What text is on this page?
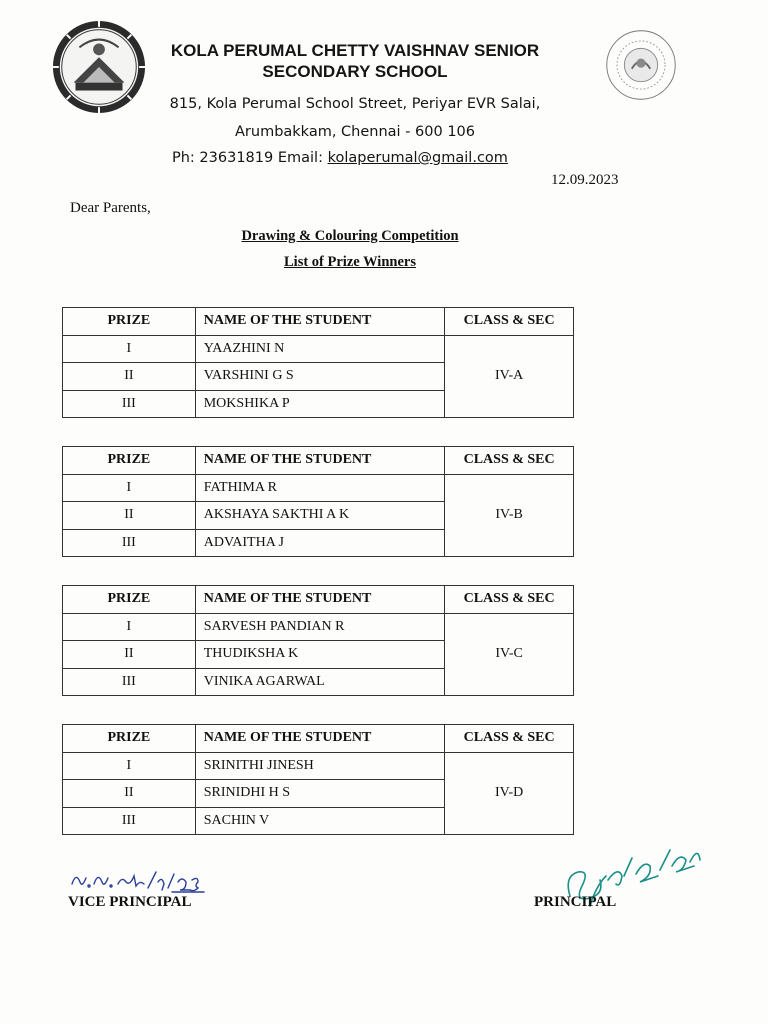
KOLA PERUMAL CHETTY VAISHNAV SENIOR
SECONDARY SCHOOL
815, Kola Perumal School Street, Periyar EVR Salai,
Arumbakkam, Chennai - 600 106
Ph: 23631819 Email: kolaperumal@gmail.com
12.09.2023
Dear Parents,
Drawing & Colouring Competition
List of Prize Winners
PRIZE	NAME OF THE STUDENT	CLASS & SEC
I	YAAZHINI N	IV-A
II	VARSHINI G S	
III	MOKSHIKA P	
PRIZE	NAME OF THE STUDENT	CLASS & SEC
I	FATHIMA R	IV-B
II	AKSHAYA SAKTHI A K	
III	ADVAITHA J	
PRIZE	NAME OF THE STUDENT	CLASS & SEC
I	SARVESH PANDIAN R	IV-C
II	THUDIKSHA K	
III	VINIKA AGARWAL	
PRIZE	NAME OF THE STUDENT	CLASS & SEC
I	SRINITHI JINESH	IV-D
II	SRINIDHI H S	
III	SACHIN V	
VICE PRINCIPAL	PRINCIPAL
